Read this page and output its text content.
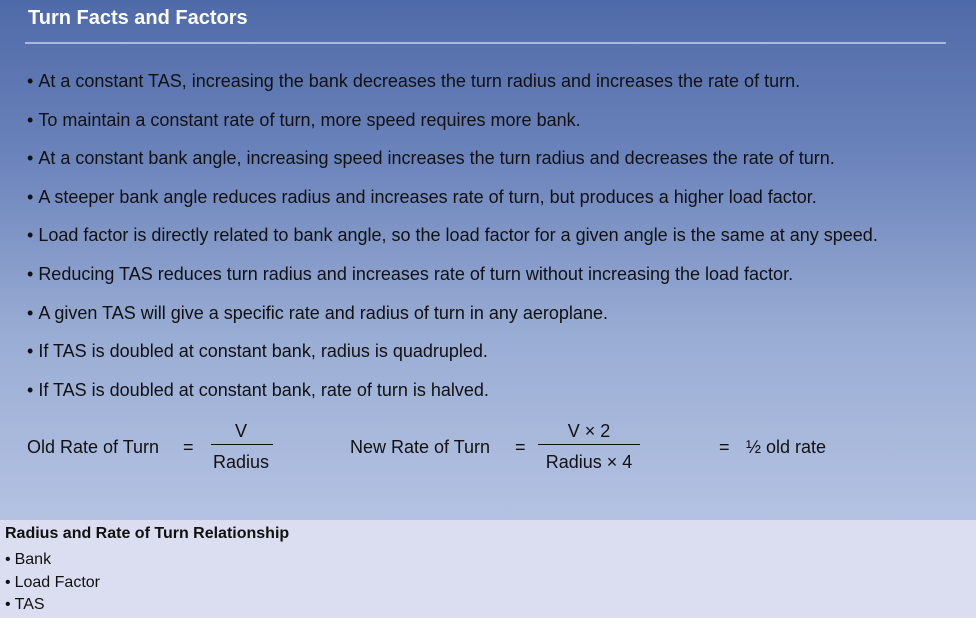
Turn Facts and Factors
• At a constant TAS, increasing the bank decreases the turn radius and increases the rate of turn.
• To maintain a constant rate of turn, more speed requires more bank.
• At a constant bank angle, increasing speed increases the turn radius and decreases the rate of turn.
• A steeper bank angle reduces radius and increases rate of turn, but produces a higher load factor.
• Load factor is directly related to bank angle, so the load factor for a given angle is the same at any speed.
• Reducing TAS reduces turn radius and increases rate of turn without increasing the load factor.
• A given TAS will give a specific rate and radius of turn in any aeroplane.
• If TAS is doubled at constant bank, radius is quadrupled.
• If TAS is doubled at constant bank, rate of turn is halved.
Old Rate of Turn =
V
Radius
New Rate of Turn =
V × 2
Radius × 4
= ½ old rate
Radius and Rate of Turn Relationship
• Bank
• Load Factor
• TAS
